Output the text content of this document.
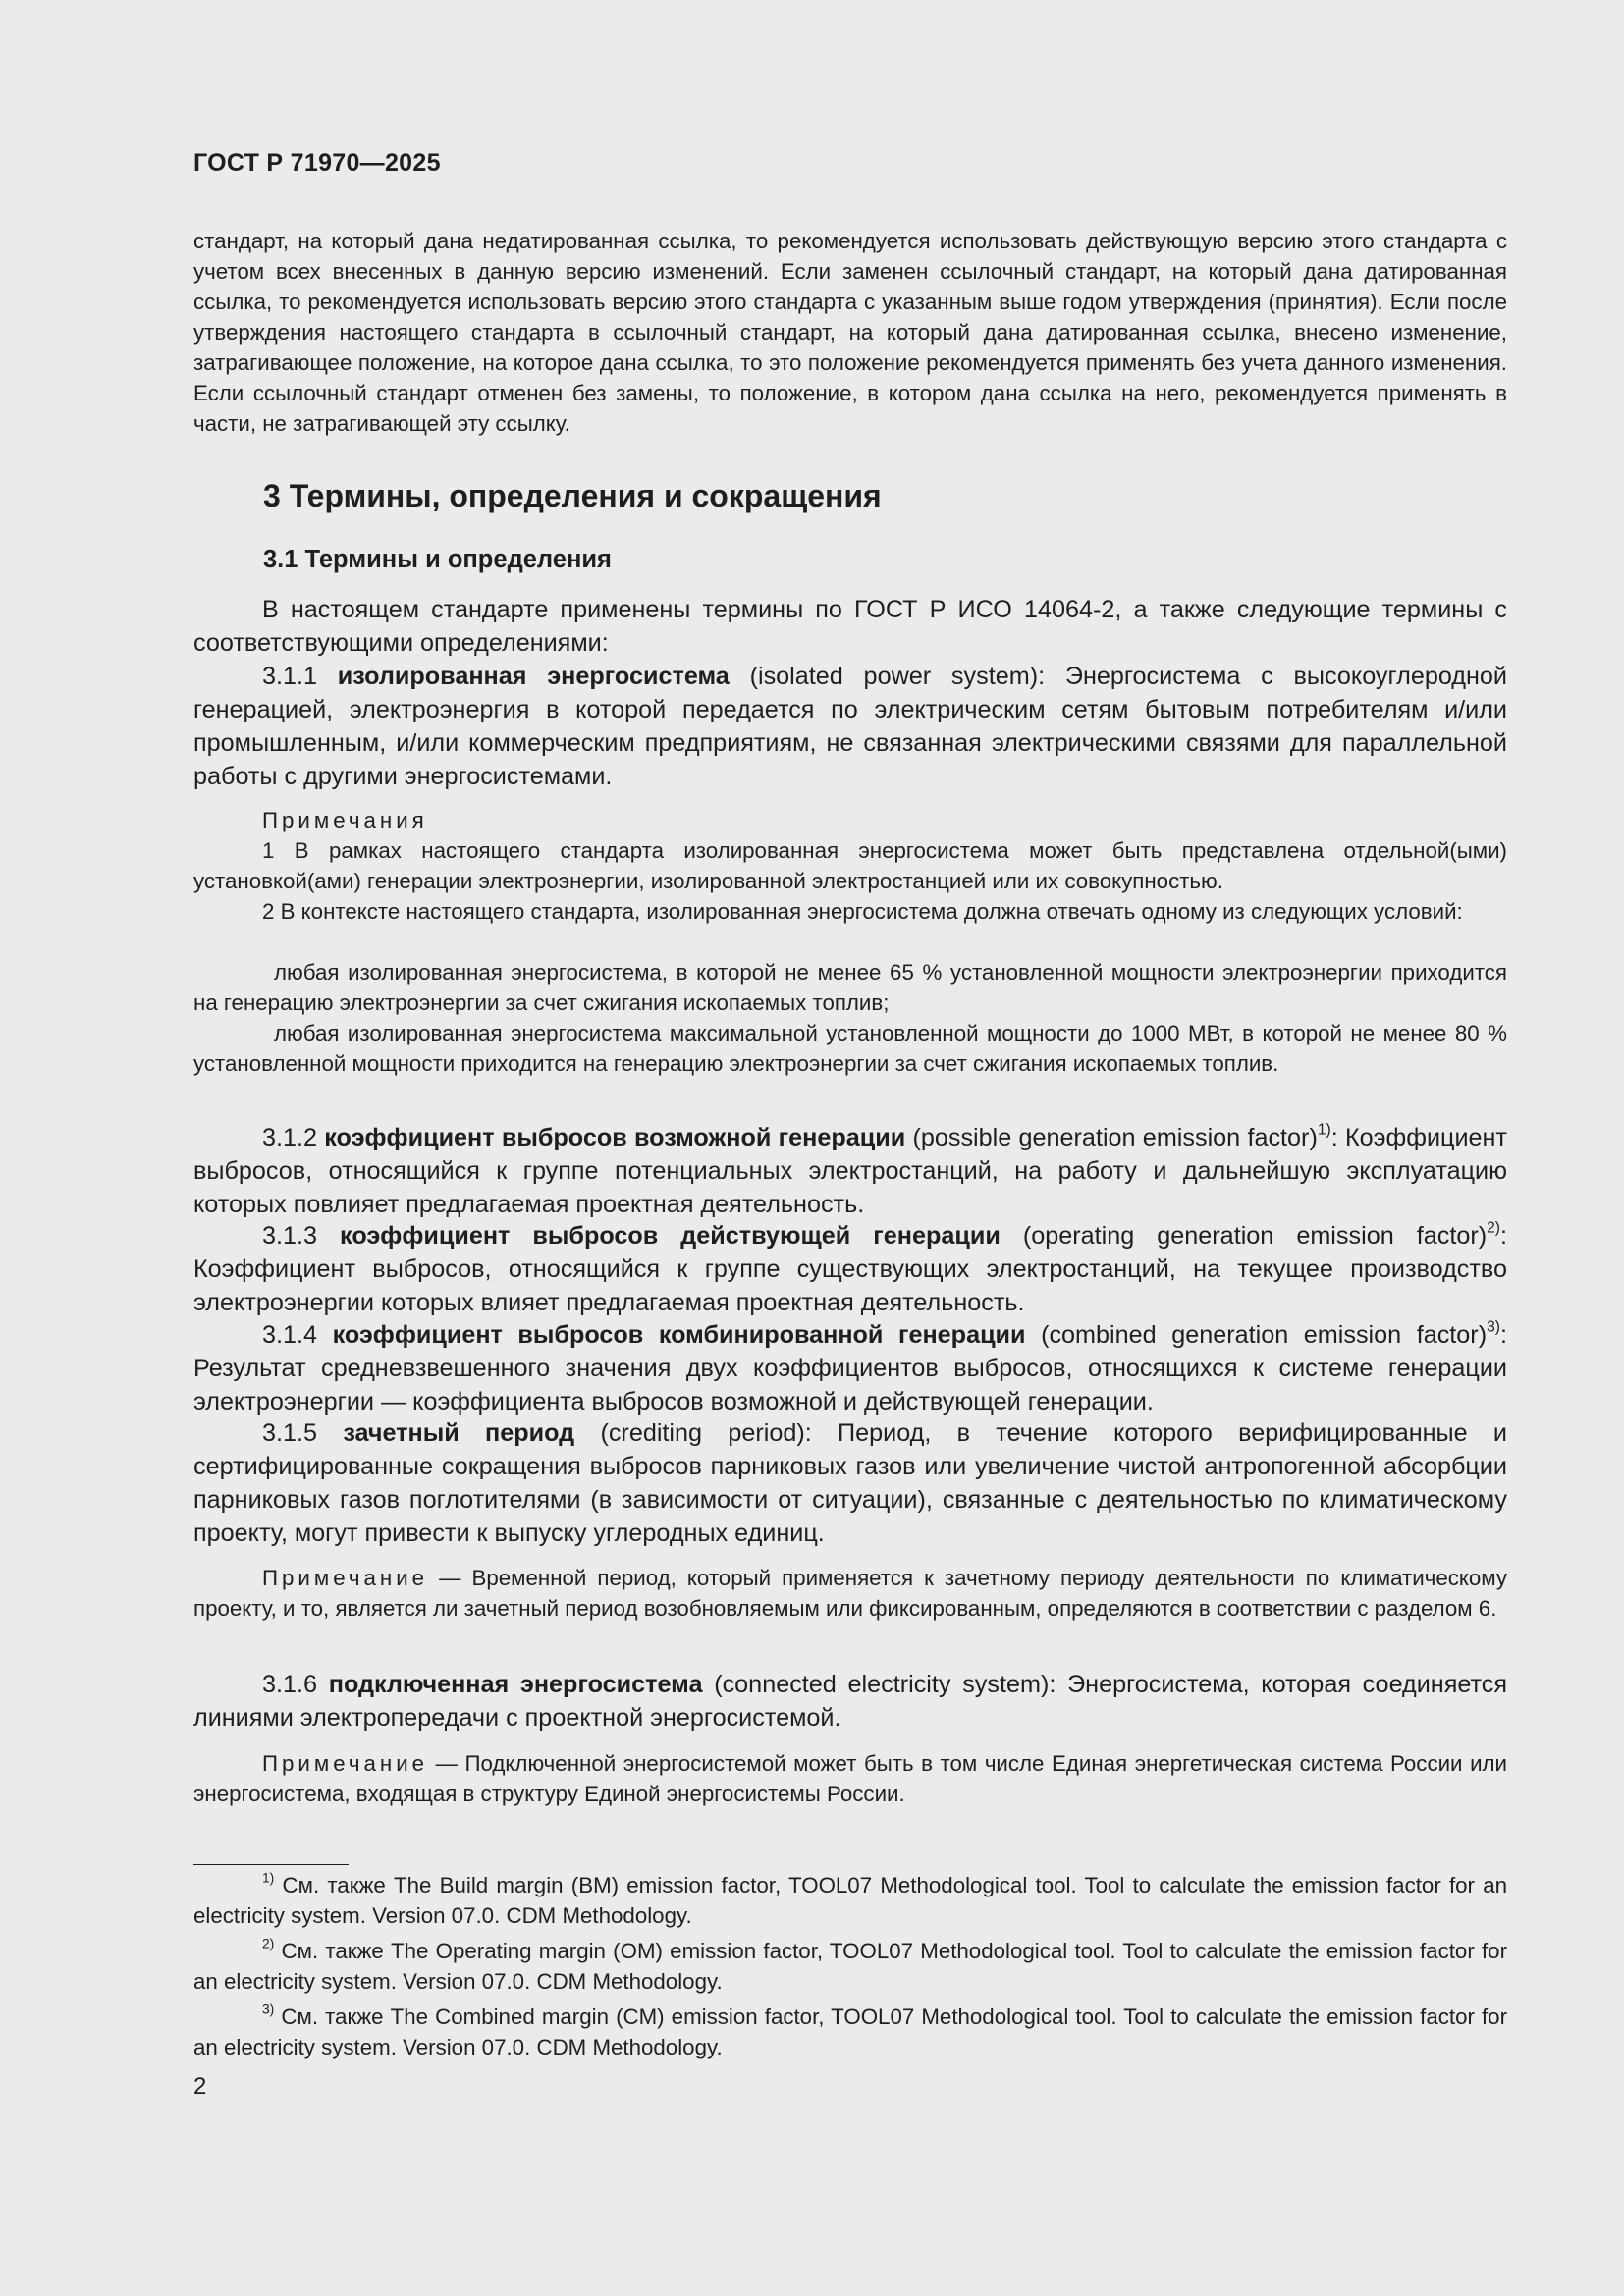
ГОСТ Р 71970—2025

стандарт, на который дана недатированная ссылка, то рекомендуется использовать действующую версию этого стандарта с учетом всех внесенных в данную версию изменений. Если заменен ссылочный стандарт, на который дана датированная ссылка, то рекомендуется использовать версию этого стандарта с указанным выше годом утверждения (принятия). Если после утверждения настоящего стандарта в ссылочный стандарт, на который дана датированная ссылка, внесено изменение, затрагивающее положение, на которое дана ссылка, то это положение рекомендуется применять без учета данного изменения. Если ссылочный стандарт отменен без замены, то положение, в котором дана ссылка на него, рекомендуется применять в части, не затрагивающей эту ссылку.

3 Термины, определения и сокращения
3.1 Термины и определения

В настоящем стандарте применены термины по ГОСТ Р ИСО 14064-2, а также следующие термины с соответствующими определениями:

3.1.1 изолированная энергосистема (isolated power system): Энергосистема с высокоуглеродной генерацией, электроэнергия в которой передается по электрическим сетям бытовым потребителям и/или промышленным, и/или коммерческим предприятиям, не связанная электрическими связями для параллельной работы с другими энергосистемами.

Примечания

1 В рамках настоящего стандарта изолированная энергосистема может быть представлена отдельной(ыми) установкой(ами) генерации электроэнергии, изолированной электростанцией или их совокупностью.

2 В контексте настоящего стандарта, изолированная энергосистема должна отвечать одному из следующих условий:

любая изолированная энергосистема, в которой не менее 65 % установленной мощности электроэнергии приходится на генерацию электроэнергии за счет сжигания ископаемых топлив;

любая изолированная энергосистема максимальной установленной мощности до 1000 МВт, в которой не менее 80 % установленной мощности приходится на генерацию электроэнергии за счет сжигания ископаемых топлив.

3.1.2 коэффициент выбросов возможной генерации (possible generation emission factor)$^{1)}$: Коэффициент выбросов, относящийся к группе потенциальных электростанций, на работу и дальнейшую эксплуатацию которых повлияет предлагаемая проектная деятельность.

3.1.3 коэффициент выбросов действующей генерации (operating generation emission factor)$^{2)}$: Коэффициент выбросов, относящийся к группе существующих электростанций, на текущее производство электроэнергии которых влияет предлагаемая проектная деятельность.

3.1.4 коэффициент выбросов комбинированной генерации (combined generation emission factor)$^{3)}$: Результат средневзвешенного значения двух коэффициентов выбросов, относящихся к системе генерации электроэнергии — коэффициента выбросов возможной и действующей генерации.

3.1.5 зачетный период (crediting period): Период, в течение которого верифицированные и сертифицированные сокращения выбросов парниковых газов или увеличение чистой антропогенной абсорбции парниковых газов поглотителями (в зависимости от ситуации), связанные с деятельностью по климатическому проекту, могут привести к выпуску углеродных единиц.

Примечание — Временной период, который применяется к зачетному периоду деятельности по климатическому проекту, и то, является ли зачетный период возобновляемым или фиксированным, определяются в соответствии с разделом 6.

3.1.6 подключенная энергосистема (connected electricity system): Энергосистема, которая соединяется линиями электропередачи с проектной энергосистемой.

Примечание — Подключенной энергосистемой может быть в том числе Единая энергетическая система России или энергосистема, входящая в структуру Единой энергосистемы России.

$^{1)}$ См. также The Build margin (BM) emission factor, TOOL07 Methodological tool. Tool to calculate the emission factor for an electricity system. Version 07.0. CDM Methodology.

$^{2)}$ См. также The Operating margin (OM) emission factor, TOOL07 Methodological tool. Tool to calculate the emission factor for an electricity system. Version 07.0. CDM Methodology.

$^{3)}$ См. также The Combined margin (CM) emission factor, TOOL07 Methodological tool. Tool to calculate the emission factor for an electricity system. Version 07.0. CDM Methodology.

2
